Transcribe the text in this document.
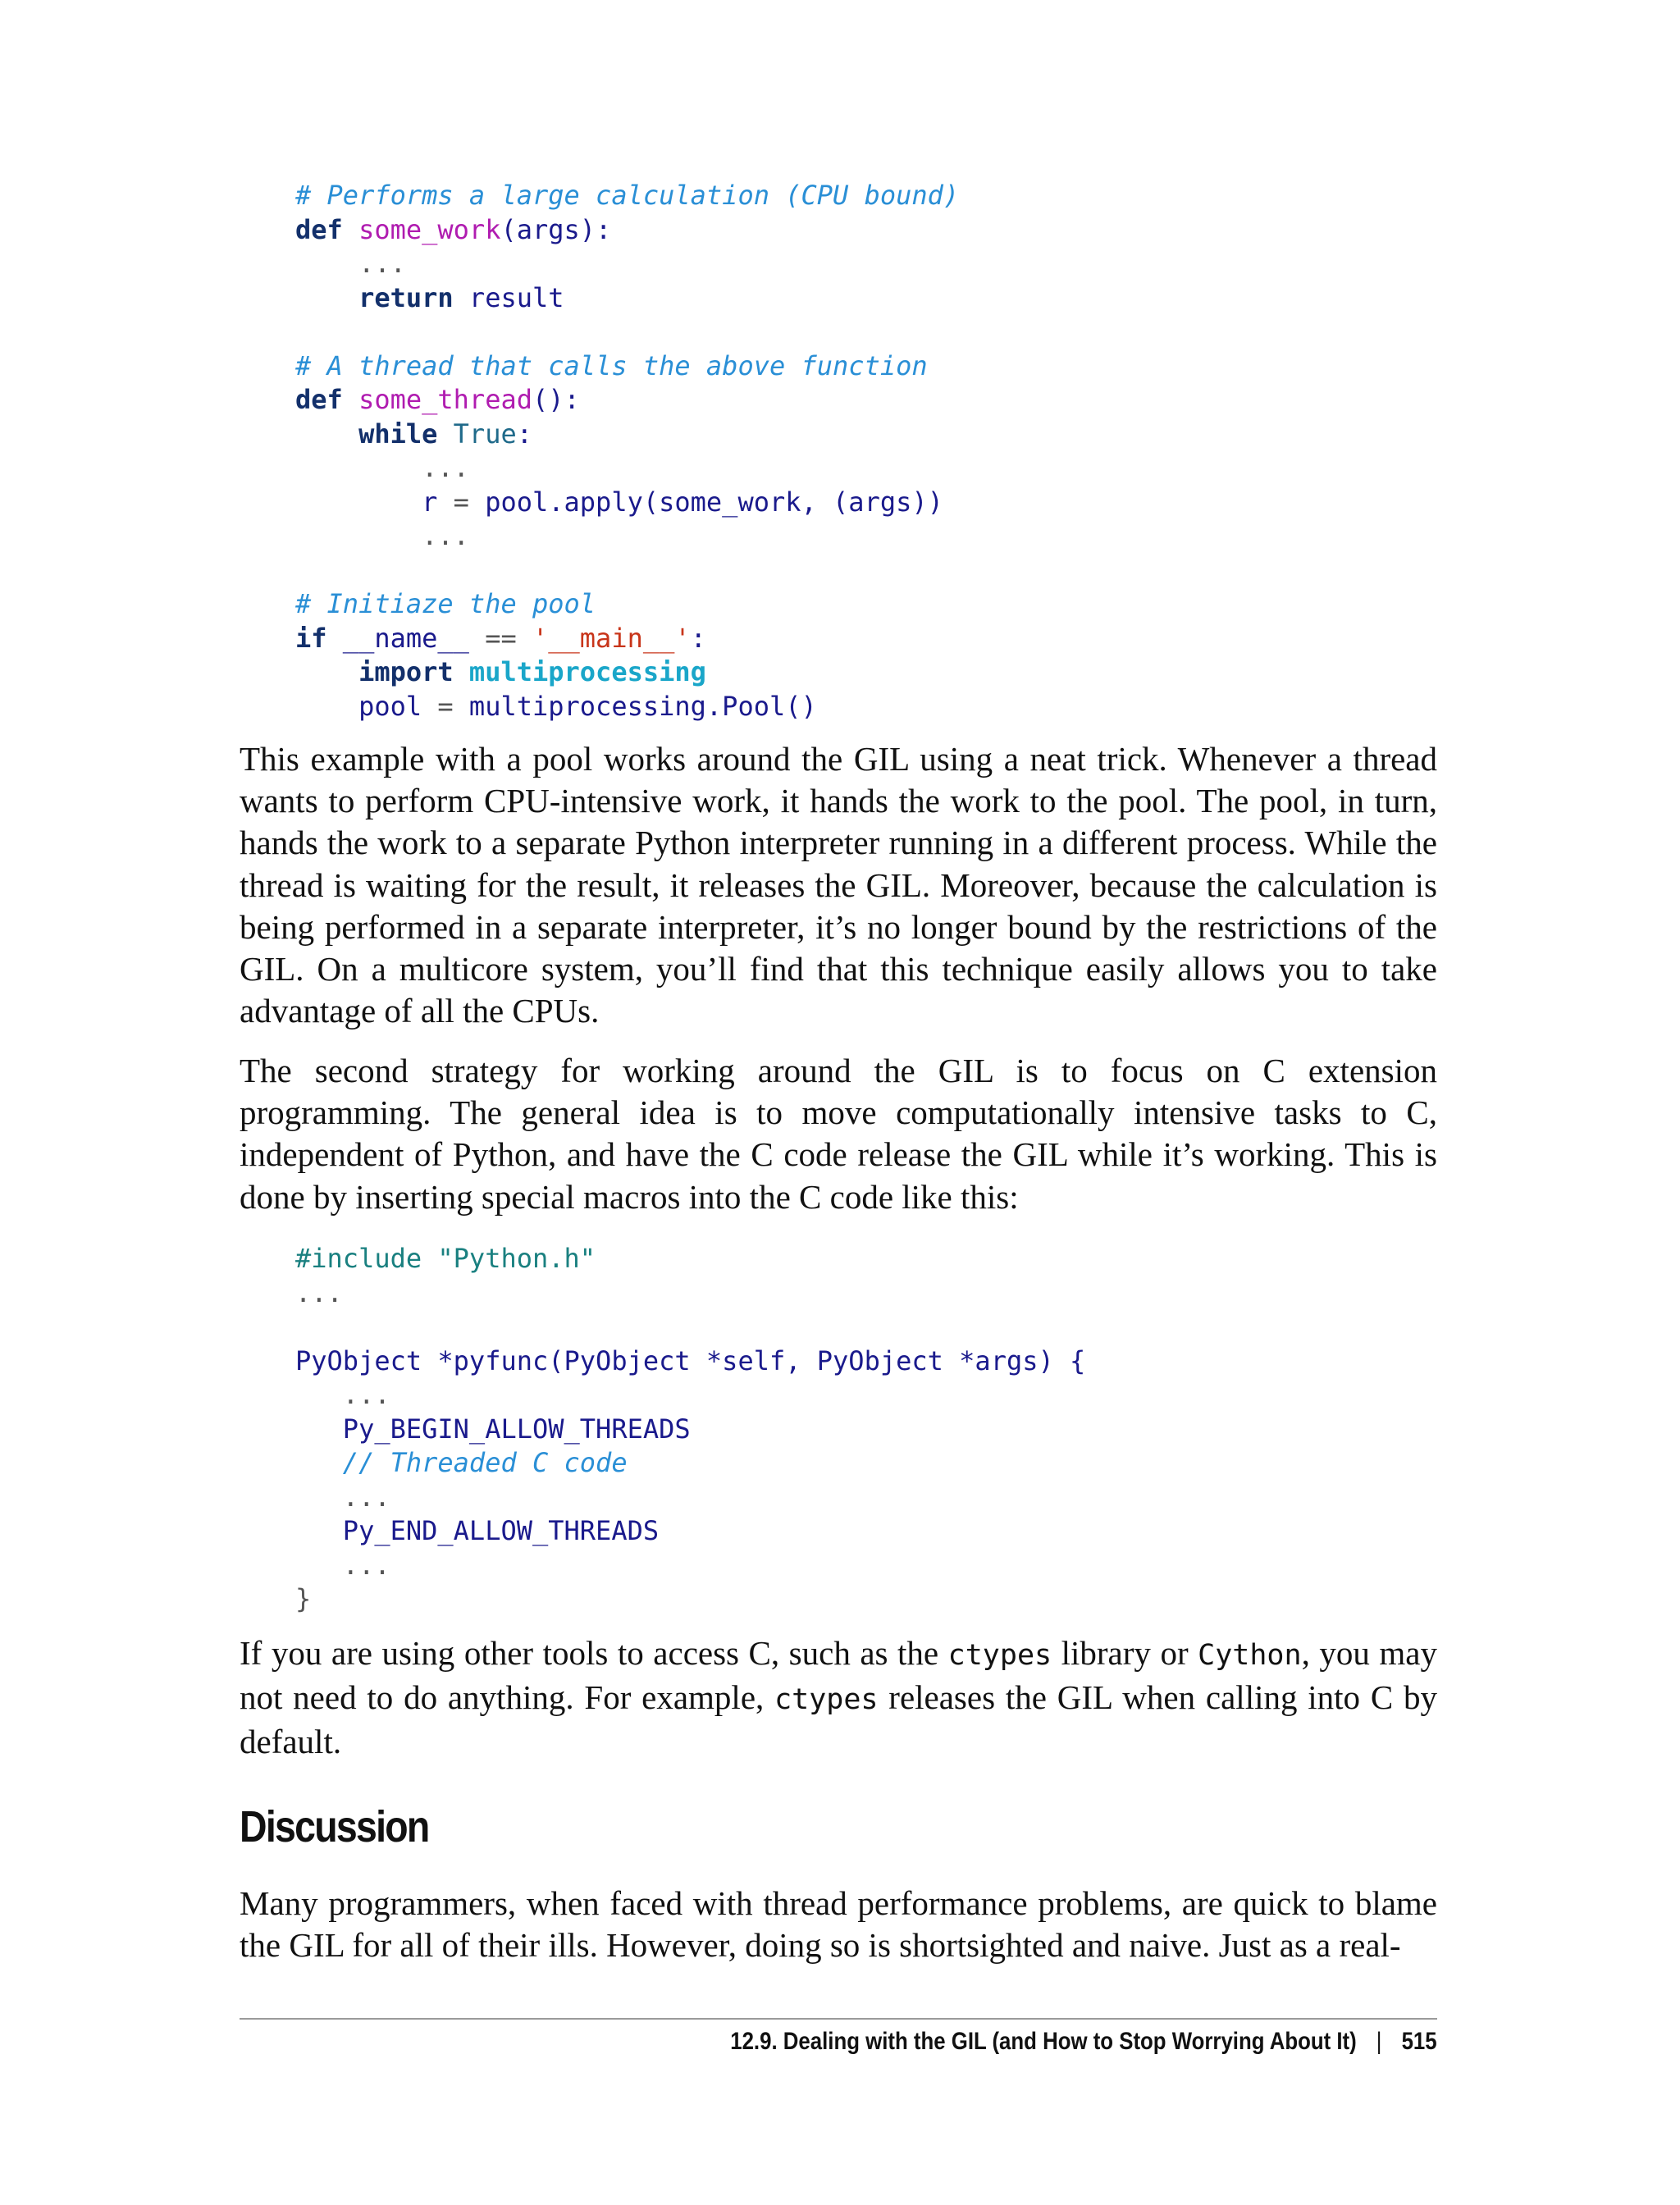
# Performs a large calculation (CPU bound)
def some_work(args):
...
return result

# A thread that calls the above function
def some_thread():
while True:
...
r = pool.apply(some_work, (args))
...

# Initiaze the pool
if __name__ == '__main__':
import multiprocessing
pool = multiprocessing.Pool()

This example with a pool works around the GIL using a neat trick. Whenever a thread wants to perform CPU-intensive work, it hands the work to the pool. The pool, in turn, hands the work to a separate Python interpreter running in a different process. While the thread is waiting for the result, it releases the GIL. Moreover, because the calculation is being performed in a separate interpreter, it’s no longer bound by the restrictions of the GIL. On a multicore system, you’ll find that this technique easily allows you to take advantage of all the CPUs.

The second strategy for working around the GIL is to focus on C extension programming. The general idea is to move computationally intensive tasks to C, independent of Python, and have the C code release the GIL while it’s working. This is done by inserting special macros into the C code like this:

#include "Python.h"
...

PyObject *pyfunc(PyObject *self, PyObject *args) {
...
Py_BEGIN_ALLOW_THREADS
// Threaded C code
...
Py_END_ALLOW_THREADS
...
}

If you are using other tools to access C, such as the ctypes library or Cython, you may not need to do anything. For example, ctypes releases the GIL when calling into C by default.

Discussion

Many programmers, when faced with thread performance problems, are quick to blame the GIL for all of their ills. However, doing so is shortsighted and naive. Just as a real-

12.9. Dealing with the GIL (and How to Stop Worrying About It) | 515
